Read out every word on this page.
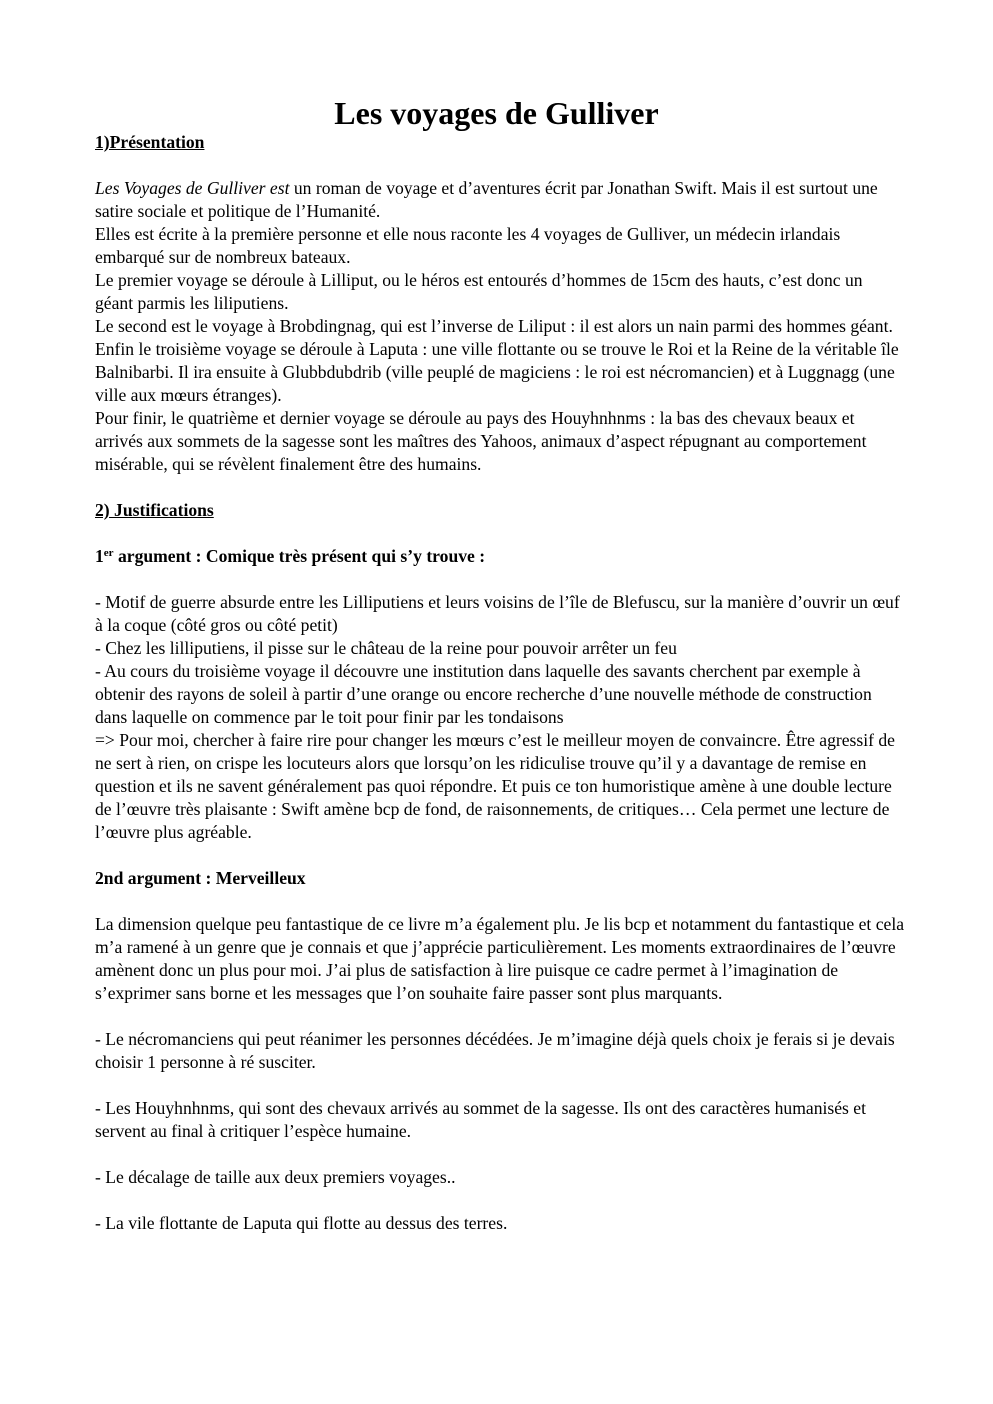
Les voyages de Gulliver

1)Présentation

Les Voyages de Gulliver est un roman de voyage et d’aventures écrit par Jonathan Swift. Mais il est surtout une satire sociale et politique de l’Humanité.

Elles est écrite à la première personne et elle nous raconte les 4 voyages de Gulliver, un médecin irlandais embarqué sur de nombreux bateaux.

Le premier voyage se déroule à Lilliput, ou le héros est entourés d’hommes de 15cm des hauts, c’est donc un géant parmis les liliputiens.

Le second est le voyage à Brobdingnag, qui est l’inverse de Liliput : il est alors un nain parmi des hommes géant.

Enfin le troisième voyage se déroule à Laputa : une ville flottante ou se trouve le Roi et la Reine de la véritable île Balnibarbi. Il ira ensuite à Glubbdubdrib (ville peuplé de magiciens : le roi est nécromancien) et à Luggnagg (une ville aux mœurs étranges).

Pour finir, le quatrième et dernier voyage se déroule au pays des Houyhnhnms : la bas des chevaux beaux et arrivés aux sommets de la sagesse sont les maîtres des Yahoos, animaux d’aspect répugnant au comportement misérable, qui se révèlent finalement être des humains.

2) Justifications

1er argument : Comique très présent qui s’y trouve :

- Motif de guerre absurde entre les Lilliputiens et leurs voisins de l’île de Blefuscu, sur la manière d’ouvrir un œuf à la coque (côté gros ou côté petit)

- Chez les lilliputiens, il pisse sur le château de la reine pour pouvoir arrêter un feu

- Au cours du troisième voyage il découvre une institution dans laquelle des savants cherchent par exemple à obtenir des rayons de soleil à partir d’une orange ou encore recherche d’une nouvelle méthode de construction dans laquelle on commence par le toit pour finir par les tondaisons

=> Pour moi, chercher à faire rire pour changer les mœurs c’est le meilleur moyen de convaincre. Être agressif de ne sert à rien, on crispe les locuteurs alors que lorsqu’on les ridiculise trouve qu’il y a davantage de remise en question et ils ne savent généralement pas quoi répondre. Et puis ce ton humoristique amène à une double lecture de l’œuvre très plaisante : Swift amène bcp de fond, de raisonnements, de critiques… Cela permet une lecture de l’œuvre plus agréable.

2nd argument : Merveilleux

La dimension quelque peu fantastique de ce livre m’a également plu. Je lis bcp et notamment du fantastique et cela m’a ramené à un genre que je connais et que j’apprécie particulièrement. Les moments extraordinaires de l’œuvre amènent donc un plus pour moi. J’ai plus de satisfaction à lire puisque ce cadre permet à l’imagination de s’exprimer sans borne et les messages que l’on souhaite faire passer sont plus marquants.

- Le nécromanciens qui peut réanimer les personnes décédées. Je m’imagine déjà quels choix je ferais si je devais choisir 1 personne à ré susciter.

- Les Houyhnhnms, qui sont des chevaux arrivés au sommet de la sagesse. Ils ont des caractères humanisés et servent au final à critiquer l’espèce humaine.

- Le décalage de taille aux deux premiers voyages..

- La vile flottante de Laputa qui flotte au dessus des terres.
